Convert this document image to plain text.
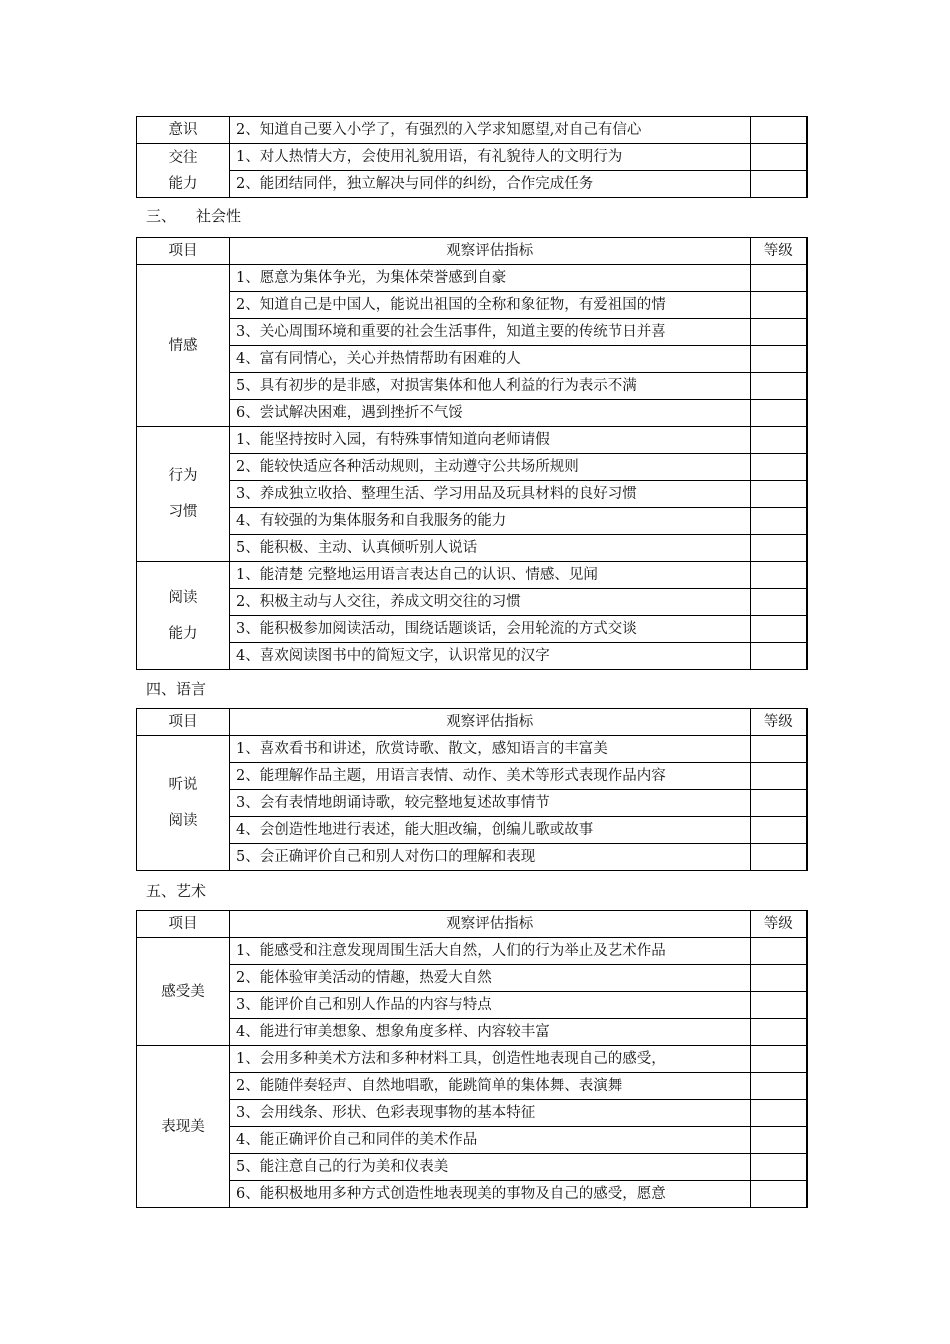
意识	2、知道自己要入小学了，有强烈的入学求知愿望,对自己有信心	

交往
能力	1、对人热情大方，会使用礼貌用语，有礼貌待人的文明行为	
	2、能团结同伴，独立解决与同伴的纠纷，合作完成任务	
三、 社会性
项目	观察评估指标	等级

情感	1、愿意为集体争光，为集体荣誉感到自豪	
	2、知道自己是中国人，能说出祖国的全称和象征物，有爱祖国的情	
	3、关心周围环境和重要的社会生活事件，知道主要的传统节日并喜	
	4、富有同情心，关心并热情帮助有困难的人	
	5、具有初步的是非感，对损害集体和他人利益的行为表示不满	
	6、尝试解决困难，遇到挫折不气馁	

行为
习惯	1、能坚持按时入园，有特殊事情知道向老师请假	
	2、能较快适应各种活动规则，主动遵守公共场所规则	
	3、养成独立收拾、整理生活、学习用品及玩具材料的良好习惯	
	4、有较强的为集体服务和自我服务的能力	
	5、能积极、主动、认真倾听别人说话	

阅读
能力	1、能清楚 完整地运用语言表达自己的认识、情感、见闻	
	2、积极主动与人交往，养成文明交往的习惯	
	3、能积极参加阅读活动，围绕话题谈话，会用轮流的方式交谈	
	4、喜欢阅读图书中的简短文字，认识常见的汉字	
四、语言
项目	观察评估指标	等级

听说
阅读	1、喜欢看书和讲述，欣赏诗歌、散文，感知语言的丰富美	
	2、能理解作品主题，用语言表情、动作、美术等形式表现作品内容	
	3、会有表情地朗诵诗歌，较完整地复述故事情节	
	4、会创造性地进行表述，能大胆改编，创编儿歌或故事	
	5、会正确评价自己和别人对伤口的理解和表现	
五、艺术
项目	观察评估指标	等级

感受美	1、能感受和注意发现周围生活大自然，人们的行为举止及艺术作品	
	2、能体验审美活动的情趣，热爱大自然	
	3、能评价自己和别人作品的内容与特点	
	4、能进行审美想象、想象角度多样、内容较丰富	

表现美	1、会用多种美术方法和多种材料工具，创造性地表现自己的感受，	
	2、能随伴奏轻声、自然地唱歌，能跳简单的集体舞、表演舞	
	3、会用线条、形状、色彩表现事物的基本特征	
	4、能正确评价自己和同伴的美术作品	
	5、能注意自己的行为美和仪表美	
	6、能积极地用多种方式创造性地表现美的事物及自己的感受，愿意	
